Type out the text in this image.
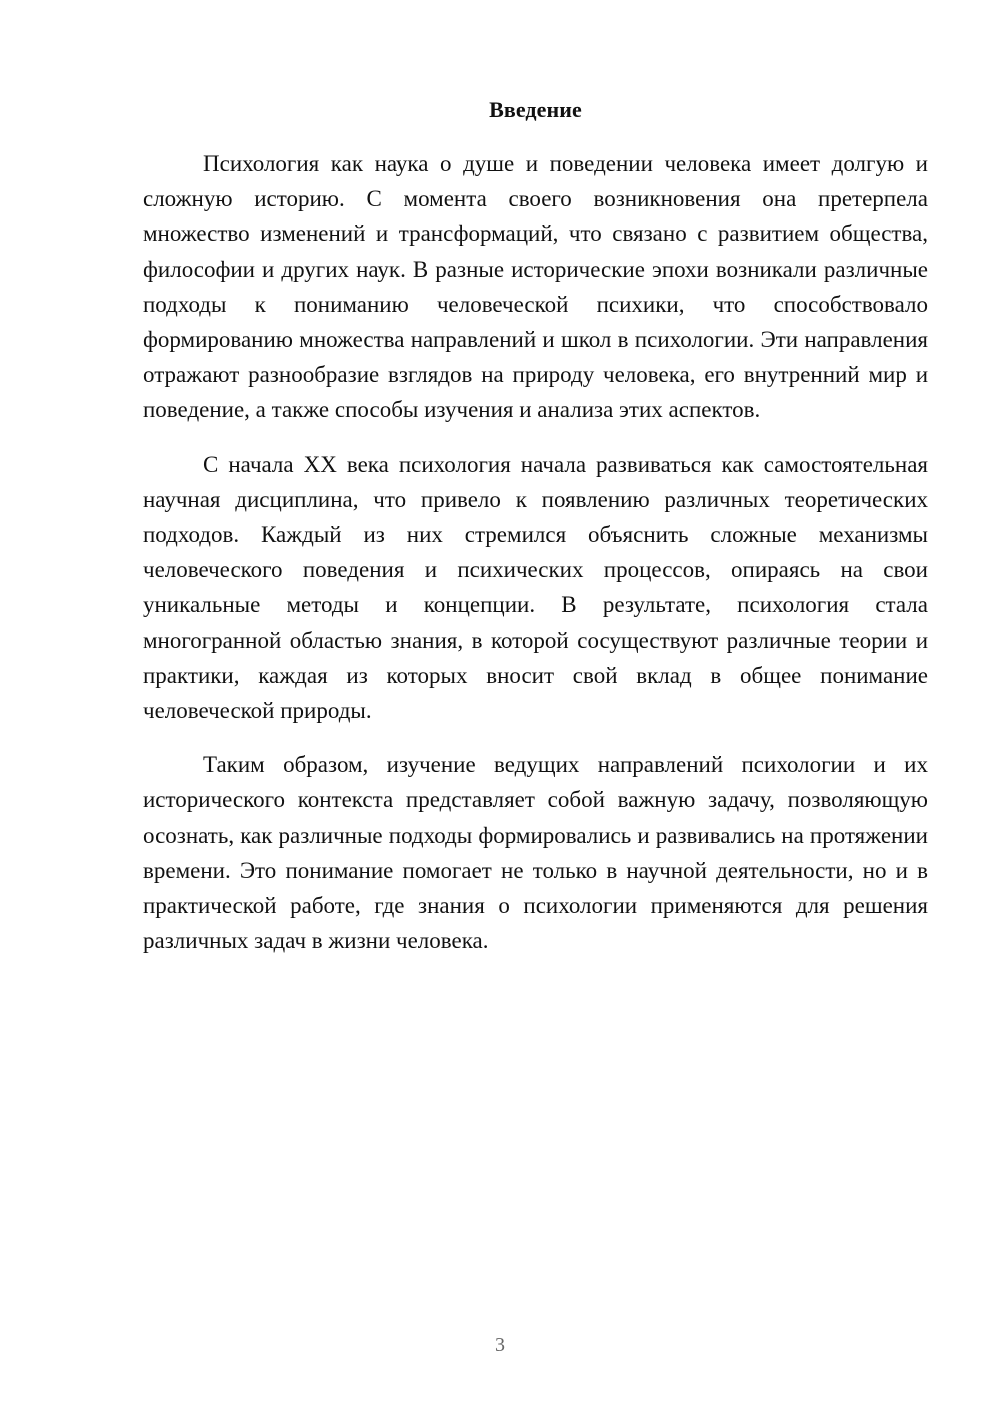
Введение

Психология как наука о душе и поведении человека имеет долгую и сложную историю. С момента своего возникновения она претерпела множество изменений и трансформаций, что связано с развитием общества, философии и других наук. В разные исторические эпохи возникали различные подходы к пониманию человеческой психики, что способствовало формированию множества направлений и школ в психологии. Эти направления отражают разнообразие взглядов на природу человека, его внутренний мир и поведение, а также способы изучения и анализа этих аспектов.

С начала XX века психология начала развиваться как самостоятельная научная дисциплина, что привело к появлению различных теоретических подходов. Каждый из них стремился объяснить сложные механизмы человеческого поведения и психических процессов, опираясь на свои уникальные методы и концепции. В результате, психология стала многогранной областью знания, в которой сосуществуют различные теории и практики, каждая из которых вносит свой вклад в общее понимание человеческой природы.

Таким образом, изучение ведущих направлений психологии и их исторического контекста представляет собой важную задачу, позволяющую осознать, как различные подходы формировались и развивались на протяжении времени. Это понимание помогает не только в научной деятельности, но и в практической работе, где знания о психологии применяются для решения различных задач в жизни человека.

3
